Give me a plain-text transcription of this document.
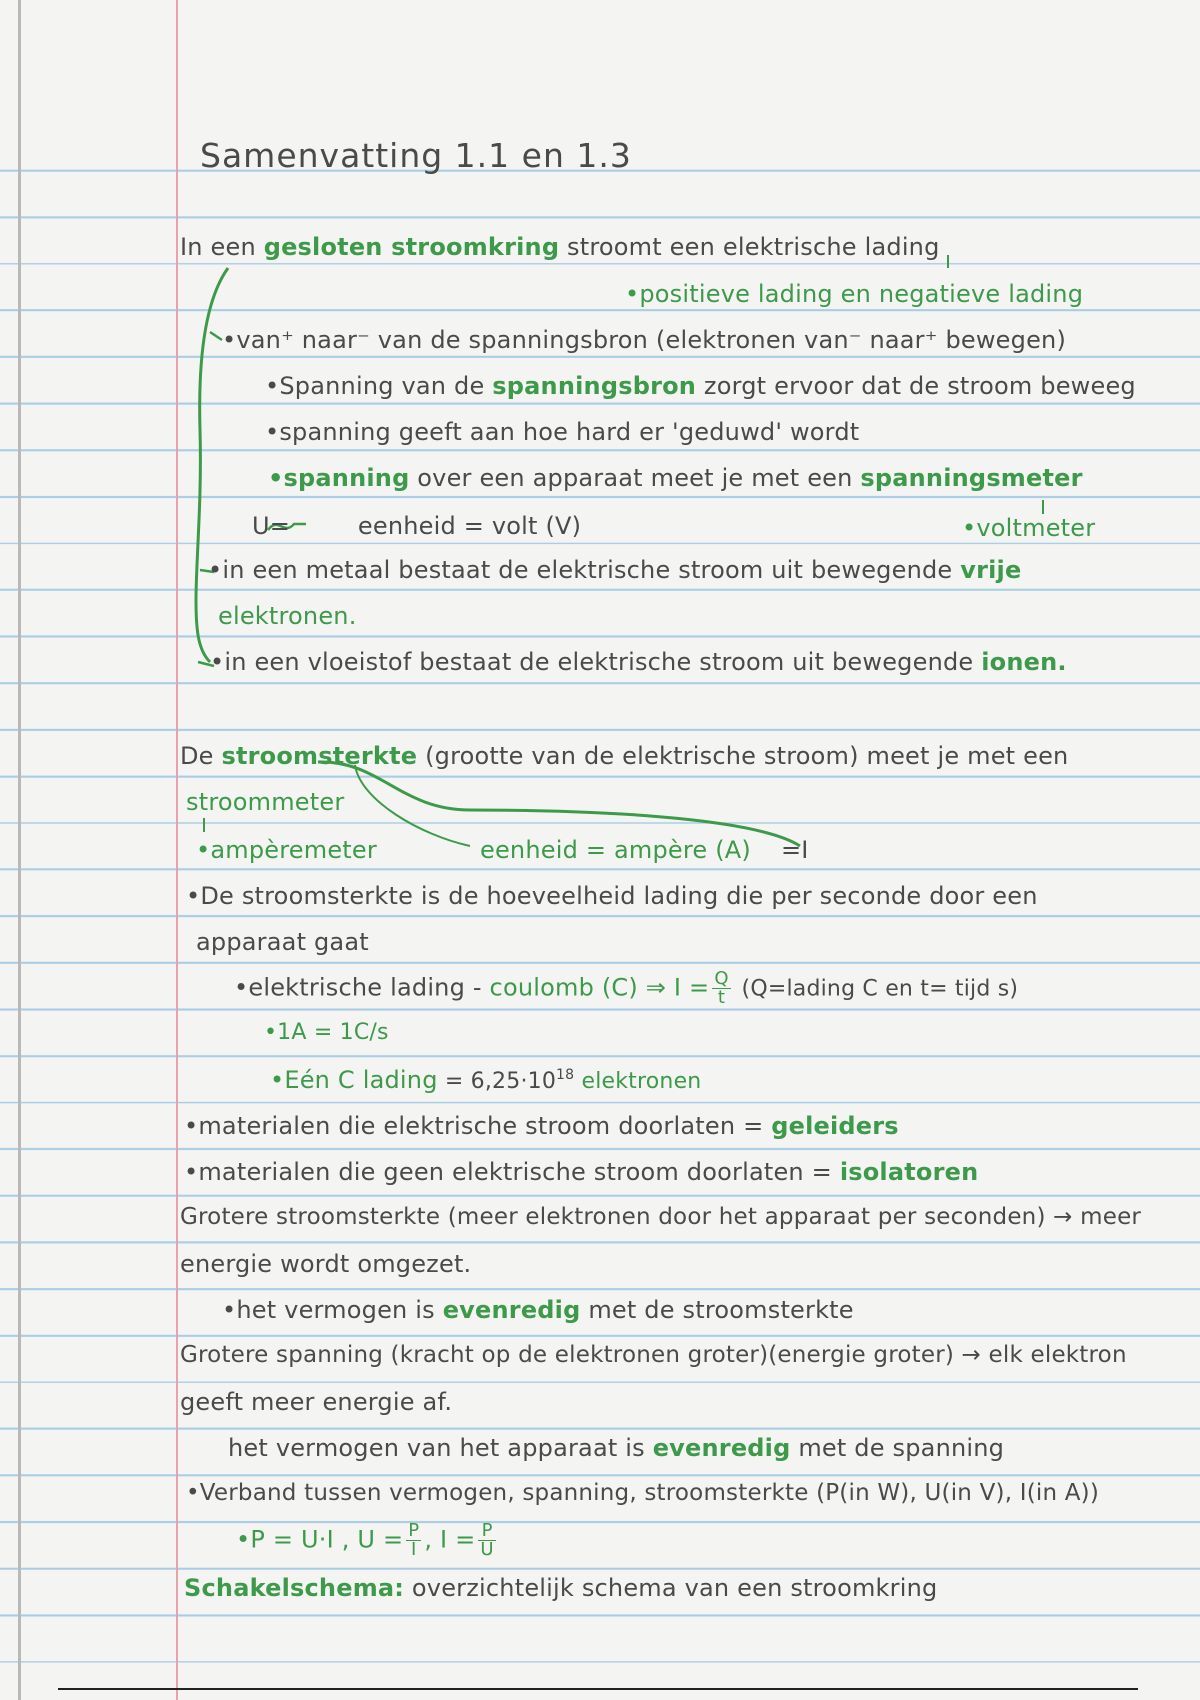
Samenvatting 1.1 en 1.3
In een gesloten stroomkring stroomt een elektrische lading
•positieve lading en negatieve lading
•van⁺ naar⁻ van de spanningsbron (elektronen van⁻ naar⁺ bewegen)
•Spanning van de spanningsbron zorgt ervoor dat de stroom beweeg
•spanning geeft aan hoe hard er 'geduwd' wordt
•spanning over een apparaat meet je met een spanningsmeter
U=	eenheid = volt (V)	•voltmeter
•in een metaal bestaat de elektrische stroom uit bewegende vrije
elektronen.
•in een vloeistof bestaat de elektrische stroom uit bewegende ionen.
De stroomsterkte (grootte van de elektrische stroom) meet je met een
stroommeter
•ampèremeter	eenheid = ampère (A) =I
•De stroomsterkte is de hoeveelheid lading die per seconde door een
apparaat gaat
•elektrische lading - coulomb (C) ⇒ $I = \frac{Q}{t}$ (Q=lading C en t= tijd s)
•1A = 1C/s
•Eén C lading = $6,25\cdot 10^{18}$ elektronen
•materialen die elektrische stroom doorlaten = geleiders
•materialen die geen elektrische stroom doorlaten = isolatoren
Grotere stroomsterkte (meer elektronen door het apparaat per seconden) → meer
energie wordt omgezet.
•het vermogen is evenredig met de stroomsterkte
Grotere spanning (kracht op de elektronen groter)(energie groter) → elk elektron
geeft meer energie af.
het vermogen van het apparaat is evenredig met de spanning
•Verband tussen vermogen, spanning, stroomsterkte (P(in W), U(in V), I(in A))
•P = U·I , $U = \frac{P}{I}$ , $I = \frac{P}{U}$
Schakelschema: overzichtelijk schema van een stroomkring
